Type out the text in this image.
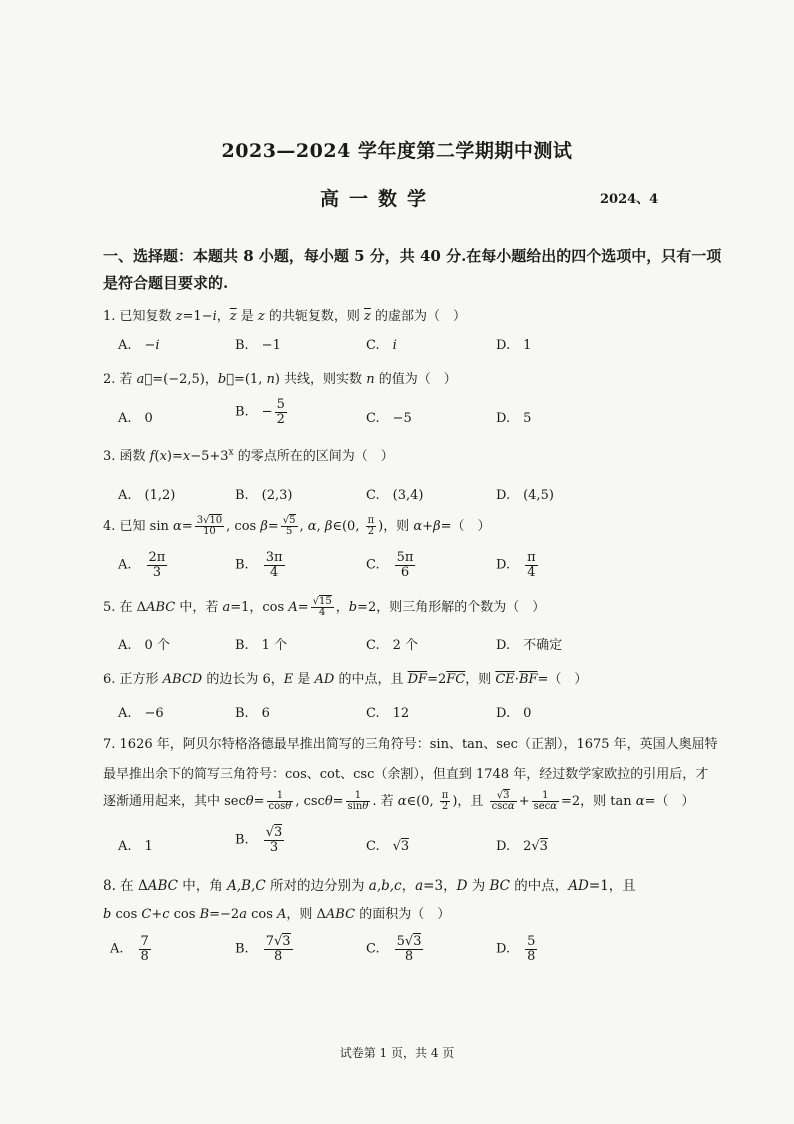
2023—2024 学年度第二学期期中测试
高一数学	2024、4
一、选择题：本题共 8 小题，每小题 5 分，共 40 分.在每小题给出的四个选项中，只有一项
是符合题目要求的.
1. 已知复数 z=1−i，$\overline{z}$ 是 z 的共轭复数，则 $\overline{z}$ 的虚部为（　）
A.　−i	B.　−1	C.　i	D.　1
2. 若 a⃗=(−2,5)，b⃗=(1, n) 共线，则实数 n 的值为（　）
A.　0	B.　− $\frac{5}{2}$	C.　−5	D.　5
3. 函数 $f(x)=x-5+3^x$ 的零点所在的区间为（　）
A.　(1,2)	B.　(2,3)	C.　(3,4)	D.　(4,5)
4. 已知 $\sin \alpha= \frac{3√10}{10}$ , $\cos \beta= \frac{√5}{5}$ , α, β∈(0, $\frac{\pi}{2}$ )，则 α+β=（　）
A.　 $\frac{2\pi}{3}$	B.　 $\frac{3\pi}{4}$	C.　 $\frac{5\pi}{6}$	D.　 $\frac{\pi}{4}$
5. 在 ΔABC 中，若 a=1，$\cos A= \frac{√15}{4}$ ，b=2，则三角形解的个数为（　）
A.　0 个	B.　1 个	C.　2 个	D.　不确定
6. 正方形 ABCD 的边长为 6，E 是 AD 的中点，且 $\overline{DF}=2\overline{FC}$，则 $\overline{CE}\cdot\overline{BF}=$（　）
A.　−6	B.　6	C.　12	D.　0
7. 1626 年，阿贝尔特格洛德最早推出简写的三角符号：sin、tan、sec（正割），1675 年，英国人奥屈特
最早推出余下的简写三角符号：cos、cot、csc（余割），但直到 1748 年，经过数学家欧拉的引用后，才
逐渐通用起来，其中 $\sec\theta= \frac{1}{\cos\theta}$ , $\csc\theta= \frac{1}{\sin\theta}$ . 若 α∈(0, $\frac{\pi}{2}$ )，且 $\frac{√3}{\csc\alpha} + \frac{1}{\sec\alpha} =2$，则 tan α=（　）
A.　1	B.　 $\frac{√3}{3}$	C.　√3	D.　2√3
8. 在 ΔABC 中，角 A,B,C 所对的边分别为 a,b,c，a=3，D 为 BC 的中点，AD=1，且
b cos C+c cos B=−2a cos A，则 ΔABC 的面积为（　）
A.　 $\frac{7}{8}$	B.　 $\frac{7√3}{8}$	C.　 $\frac{5√3}{8}$	D.　 $\frac{5}{8}$
试卷第 1 页，共 4 页
